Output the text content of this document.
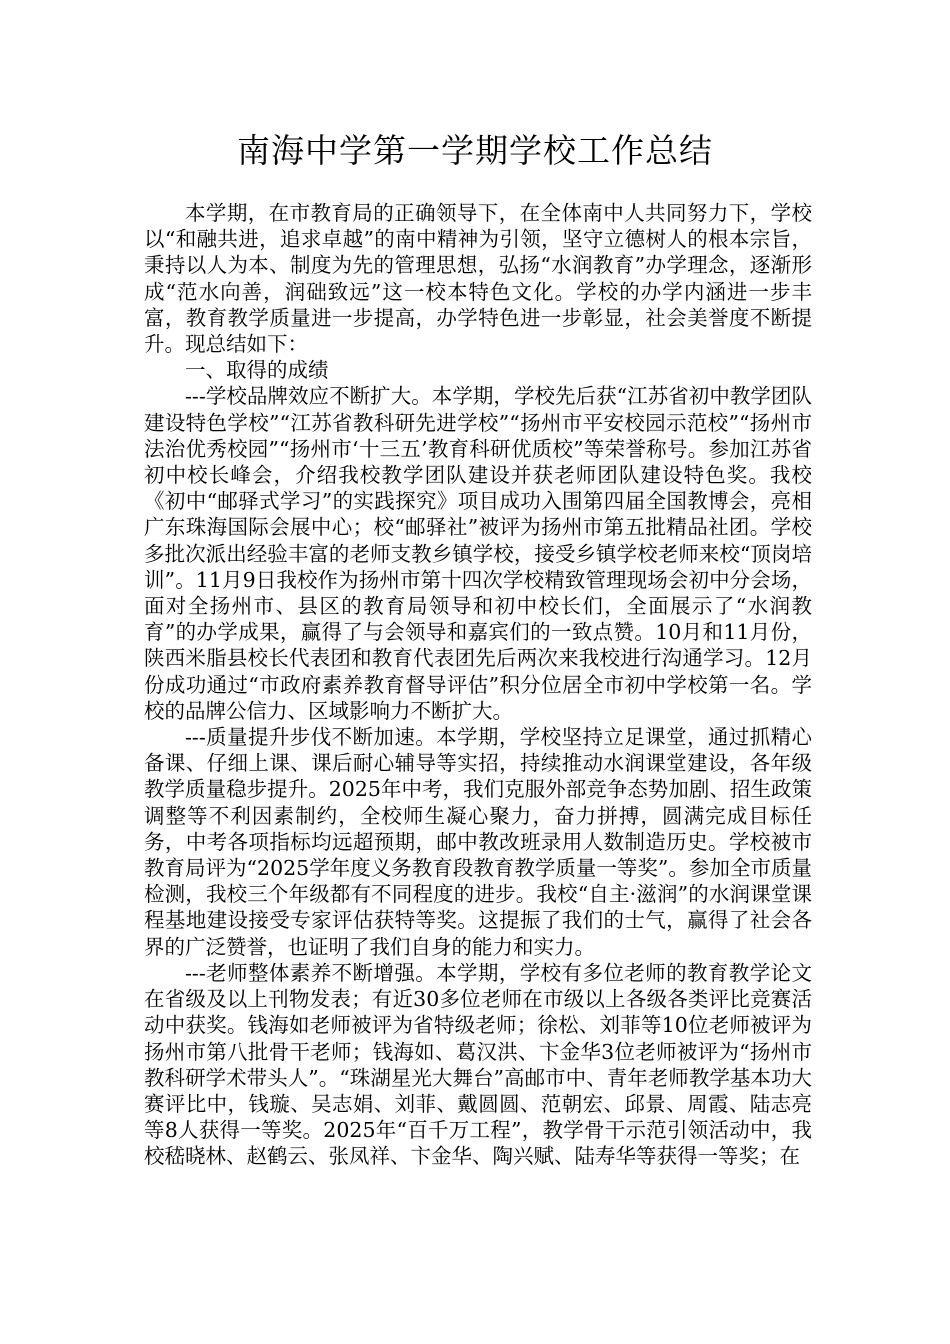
南海中学第一学期学校工作总结

本学期，在市教育局的正确领导下，在全体南中人共同努力下，学校以“和融共进，追求卓越”的南中精神为引领，坚守立德树人的根本宗旨，秉持以人为本、制度为先的管理思想，弘扬“水润教育”办学理念，逐渐形成“范水向善，润础致远”这一校本特色文化。学校的办学内涵进一步丰富，教育教学质量进一步提高，办学特色进一步彰显，社会美誉度不断提升。现总结如下：

一、取得的成绩

---学校品牌效应不断扩大。本学期，学校先后获“江苏省初中教学团队建设特色学校”“江苏省教科研先进学校”“扬州市平安校园示范校”“扬州市法治优秀校园”“扬州市‘十三五’教育科研优质校”等荣誉称号。参加江苏省初中校长峰会，介绍我校教学团队建设并获老师团队建设特色奖。我校《初中“邮驿式学习”的实践探究》项目成功入围第四届全国教博会，亮相广东珠海国际会展中心；校“邮驿社”被评为扬州市第五批精品社团。学校多批次派出经验丰富的老师支教乡镇学校，接受乡镇学校老师来校“顶岗培训”。11月9日我校作为扬州市第十四次学校精致管理现场会初中分会场，面对全扬州市、县区的教育局领导和初中校长们，全面展示了“水润教育”的办学成果，赢得了与会领导和嘉宾们的一致点赞。10月和11月份，陕西米脂县校长代表团和教育代表团先后两次来我校进行沟通学习。12月份成功通过“市政府素养教育督导评估”积分位居全市初中学校第一名。学校的品牌公信力、区域影响力不断扩大。

---质量提升步伐不断加速。本学期，学校坚持立足课堂，通过抓精心备课、仔细上课、课后耐心辅导等实招，持续推动水润课堂建设，各年级教学质量稳步提升。2025年中考，我们克服外部竞争态势加剧、招生政策调整等不利因素制约，全校师生凝心聚力，奋力拼搏，圆满完成目标任务，中考各项指标均远超预期，邮中教改班录用人数制造历史。学校被市教育局评为“2025学年度义务教育段教育教学质量一等奖”。参加全市质量检测，我校三个年级都有不同程度的进步。我校“自主·滋润”的水润课堂课程基地建设接受专家评估获特等奖。这提振了我们的士气，赢得了社会各界的广泛赞誉，也证明了我们自身的能力和实力。

---老师整体素养不断增强。本学期，学校有多位老师的教育教学论文在省级及以上刊物发表；有近30多位老师在市级以上各级各类评比竞赛活动中获奖。钱海如老师被评为省特级老师；徐松、刘菲等10位老师被评为扬州市第八批骨干老师；钱海如、葛汉洪、卞金华3位老师被评为“扬州市教科研学术带头人”。“珠湖星光大舞台”高邮市中、青年老师教学基本功大赛评比中，钱璇、吴志娟、刘菲、戴圆圆、范朝宏、邱景、周霞、陆志亮等8人获得一等奖。2025年“百千万工程”，教学骨干示范引领活动中，我校嵇晓林、赵鹤云、张凤祥、卞金华、陶兴赋、陆寿华等获得一等奖；在
